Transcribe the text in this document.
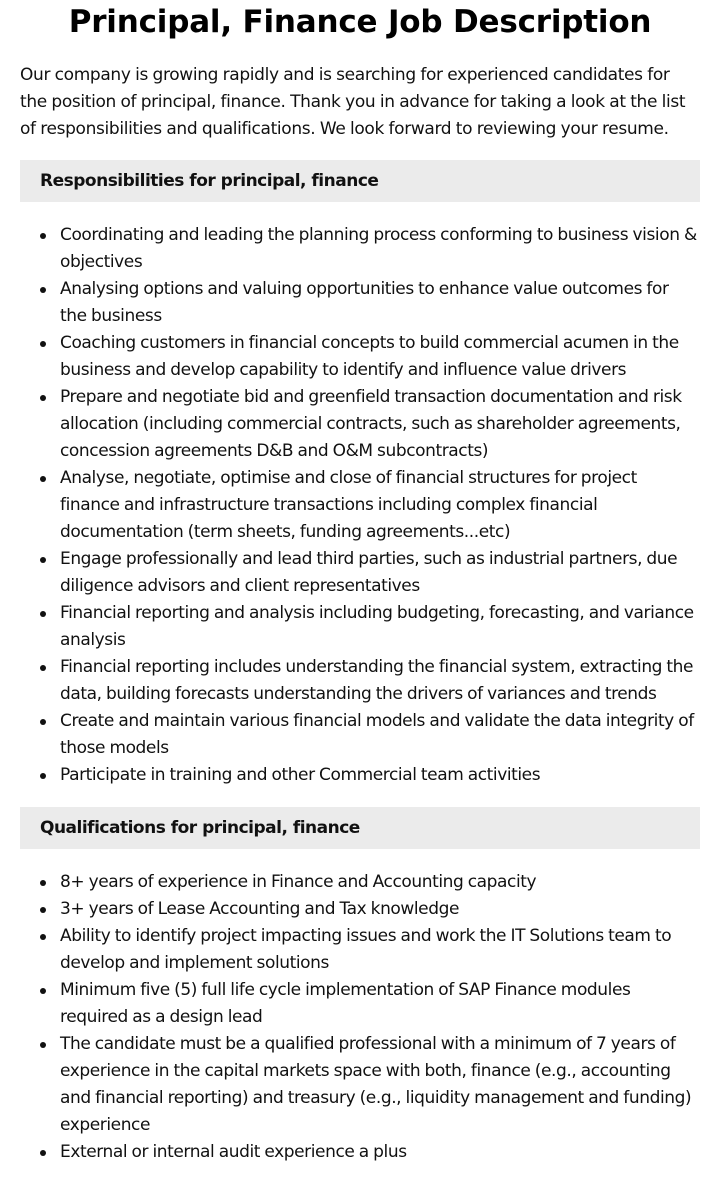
Principal, Finance Job Description

Our company is growing rapidly and is searching for experienced candidates for the position of principal, finance. Thank you in advance for taking a look at the list of responsibilities and qualifications. We look forward to reviewing your resume.

Responsibilities for principal, finance
Coordinating and leading the planning process conforming to business vision & objectives
Analysing options and valuing opportunities to enhance value outcomes for the business
Coaching customers in financial concepts to build commercial acumen in the business and develop capability to identify and influence value drivers
Prepare and negotiate bid and greenfield transaction documentation and risk allocation (including commercial contracts, such as shareholder agreements, concession agreements D&B and O&M subcontracts)
Analyse, negotiate, optimise and close of financial structures for project finance and infrastructure transactions including complex financial documentation (term sheets, funding agreements...etc)
Engage professionally and lead third parties, such as industrial partners, due diligence advisors and client representatives
Financial reporting and analysis including budgeting, forecasting, and variance analysis
Financial reporting includes understanding the financial system, extracting the data, building forecasts understanding the drivers of variances and trends
Create and maintain various financial models and validate the data integrity of those models
Participate in training and other Commercial team activities
Qualifications for principal, finance
8+ years of experience in Finance and Accounting capacity
3+ years of Lease Accounting and Tax knowledge
Ability to identify project impacting issues and work the IT Solutions team to develop and implement solutions
Minimum five (5) full life cycle implementation of SAP Finance modules required as a design lead
The candidate must be a qualified professional with a minimum of 7 years of experience in the capital markets space with both, finance (e.g., accounting and financial reporting) and treasury (e.g., liquidity management and funding) experience
External or internal audit experience a plus
